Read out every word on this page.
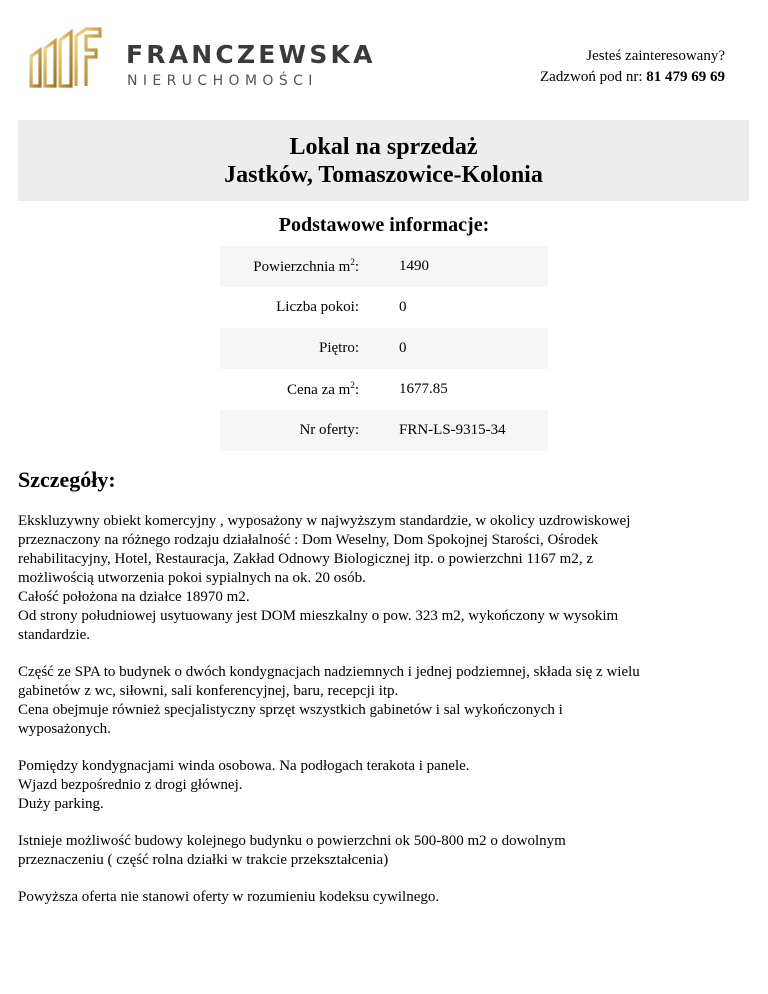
FRANCZEWSKA
NIERUCHOMOŚCI
Jesteś zainteresowany?
Zadzwoń pod nr: 81 479 69 69
Lokal na sprzedaż
Jastków, Tomaszowice-Kolonia
Podstawowe informacje:
Powierzchnia $m^2$:	1490
Liczba pokoi:	0
Piętro:	0
Cena za $m^2$:	1677.85
Nr oferty:	FRN-LS-9315-34
Szczegóły:

Ekskluzywny obiekt komercyjny , wyposażony w najwyższym standardzie, w okolicy uzdrowiskowej
przeznaczony na różnego rodzaju działalność : Dom Weselny, Dom Spokojnej Starości, Ośrodek
rehabilitacyjny, Hotel, Restauracja, Zakład Odnowy Biologicznej itp. o powierzchni 1167 m2, z
możliwością utworzenia pokoi sypialnych na ok. 20 osób.
Całość położona na działce 18970 m2.
Od strony południowej usytuowany jest DOM mieszkalny o pow. 323 m2, wykończony w wysokim
standardzie.

Część ze SPA to budynek o dwóch kondygnacjach nadziemnych i jednej podziemnej, składa się z wielu
gabinetów z wc, siłowni, sali konferencyjnej, baru, recepcji itp.
Cena obejmuje również specjalistyczny sprzęt wszystkich gabinetów i sal wykończonych i
wyposażonych.

Pomiędzy kondygnacjami winda osobowa. Na podłogach terakota i panele.
Wjazd bezpośrednio z drogi głównej.
Duży parking.

Istnieje możliwość budowy kolejnego budynku o powierzchni ok 500-800 m2 o dowolnym
przeznaczeniu ( część rolna działki w trakcie przekształcenia)

Powyższa oferta nie stanowi oferty w rozumieniu kodeksu cywilnego.
